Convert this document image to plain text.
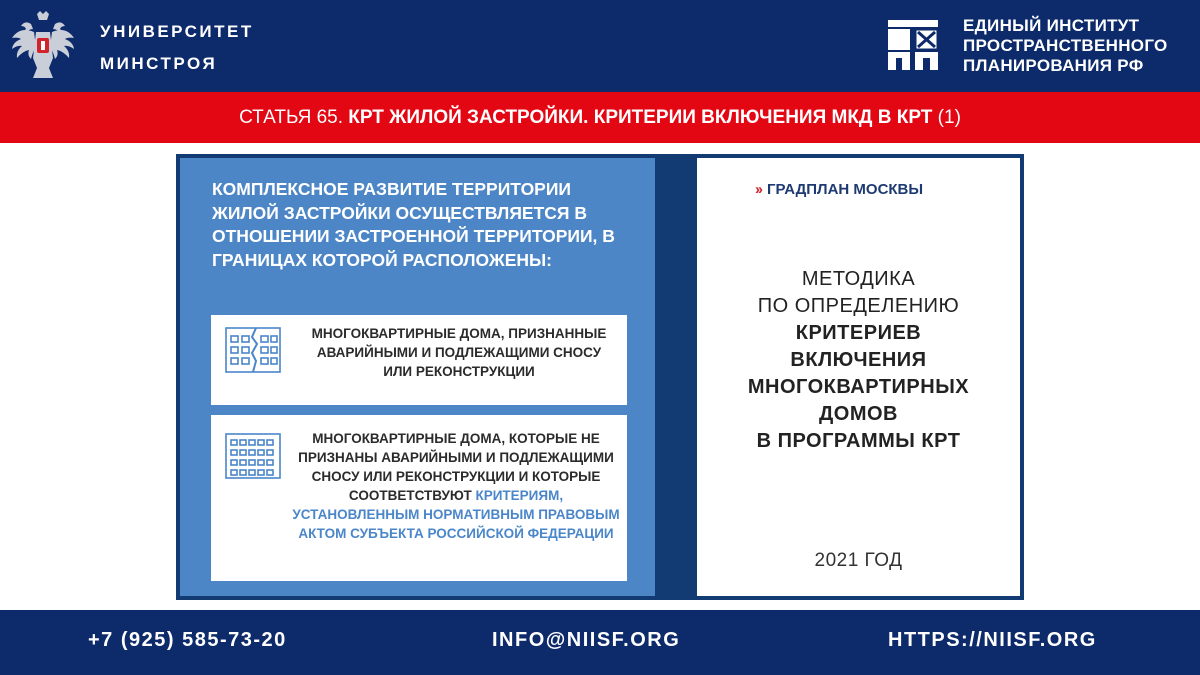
УНИВЕРСИТЕТ
МИНСТРОЯ
ЕДИНЫЙ ИНСТИТУТ
ПРОСТРАНСТВЕННОГО
ПЛАНИРОВАНИЯ РФ
СТАТЬЯ 65. КРТ ЖИЛОЙ ЗАСТРОЙКИ. КРИТЕРИИ ВКЛЮЧЕНИЯ МКД В КРТ (1)
КОМПЛЕКСНОЕ РАЗВИТИЕ ТЕРРИТОРИИ ЖИЛОЙ ЗАСТРОЙКИ ОСУЩЕСТВЛЯЕТСЯ В ОТНОШЕНИИ ЗАСТРОЕННОЙ ТЕРРИТОРИИ, В ГРАНИЦАХ КОТОРОЙ РАСПОЛОЖЕНЫ:
МНОГОКВАРТИРНЫЕ ДОМА, ПРИЗНАННЫЕ АВАРИЙНЫМИ И ПОДЛЕЖАЩИМИ СНОСУ ИЛИ РЕКОНСТРУКЦИИ
МНОГОКВАРТИРНЫЕ ДОМА, КОТОРЫЕ НЕ ПРИЗНАНЫ АВАРИЙНЫМИ И ПОДЛЕЖАЩИМИ СНОСУ ИЛИ РЕКОНСТРУКЦИИ И КОТОРЫЕ СООТВЕТСТВУЮТ КРИТЕРИЯМ, УСТАНОВЛЕННЫМ НОРМАТИВНЫМ ПРАВОВЫМ АКТОМ СУБЪЕКТА РОССИЙСКОЙ ФЕДЕРАЦИИ
›› ГРАДПЛАН МОСКВЫ
МЕТОДИКА
ПО ОПРЕДЕЛЕНИЮ
КРИТЕРИЕВ
ВКЛЮЧЕНИЯ
МНОГОКВАРТИРНЫХ
ДОМОВ
В ПРОГРАММЫ КРТ
2021 ГОД
+7 (925) 585-73-20	INFO@NIISF.ORG	HTTPS://NIISF.ORG
